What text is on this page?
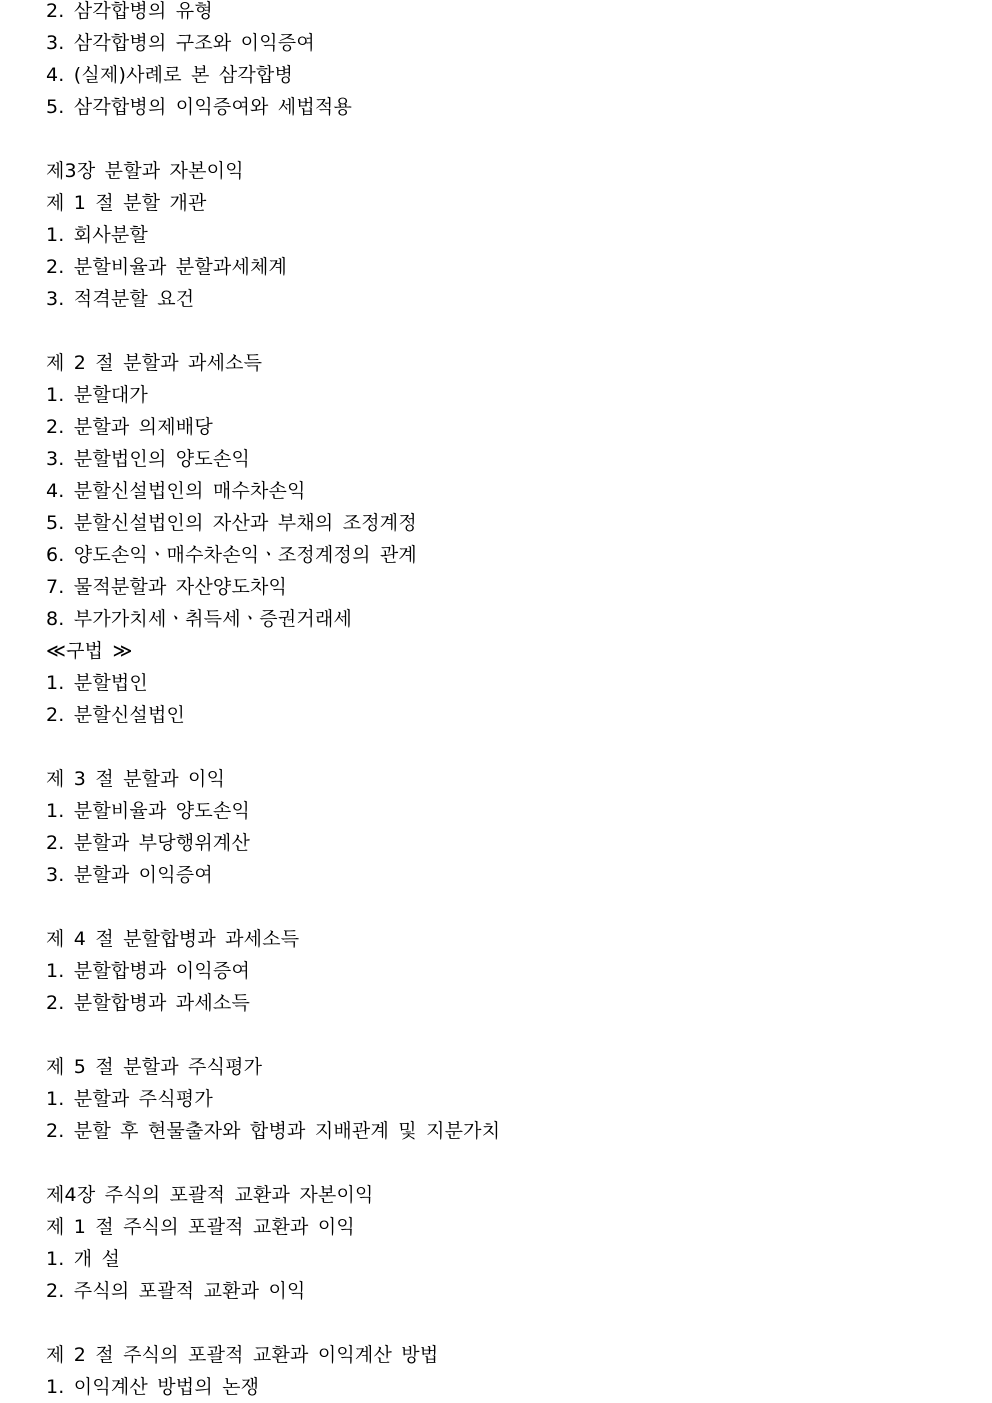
2. 삼각합병의 유형
3. 삼각합병의 구조와 이익증여
4. (실제)사례로 본 삼각합병
5. 삼각합병의 이익증여와 세법적용
제3장 분할과 자본이익
제 1 절 분할 개관
1. 회사분할
2. 분할비율과 분할과세체계
3. 적격분할 요건
제 2 절 분할과 과세소득
1. 분할대가
2. 분할과 의제배당
3. 분할법인의 양도손익
4. 분할신설법인의 매수차손익
5. 분할신설법인의 자산과 부채의 조정계정
6. 양도손익ㆍ매수차손익ㆍ조정계정의 관계
7. 물적분할과 자산양도차익
8. 부가가치세ㆍ취득세ㆍ증권거래세
≪구법 ≫
1. 분할법인
2. 분할신설법인
제 3 절 분할과 이익
1. 분할비율과 양도손익
2. 분할과 부당행위계산
3. 분할과 이익증여
제 4 절 분할합병과 과세소득
1. 분할합병과 이익증여
2. 분할합병과 과세소득
제 5 절 분할과 주식평가
1. 분할과 주식평가
2. 분할 후 현물출자와 합병과 지배관계 및 지분가치
제4장 주식의 포괄적 교환과 자본이익
제 1 절 주식의 포괄적 교환과 이익
1. 개 설
2. 주식의 포괄적 교환과 이익
제 2 절 주식의 포괄적 교환과 이익계산 방법
1. 이익계산 방법의 논쟁
